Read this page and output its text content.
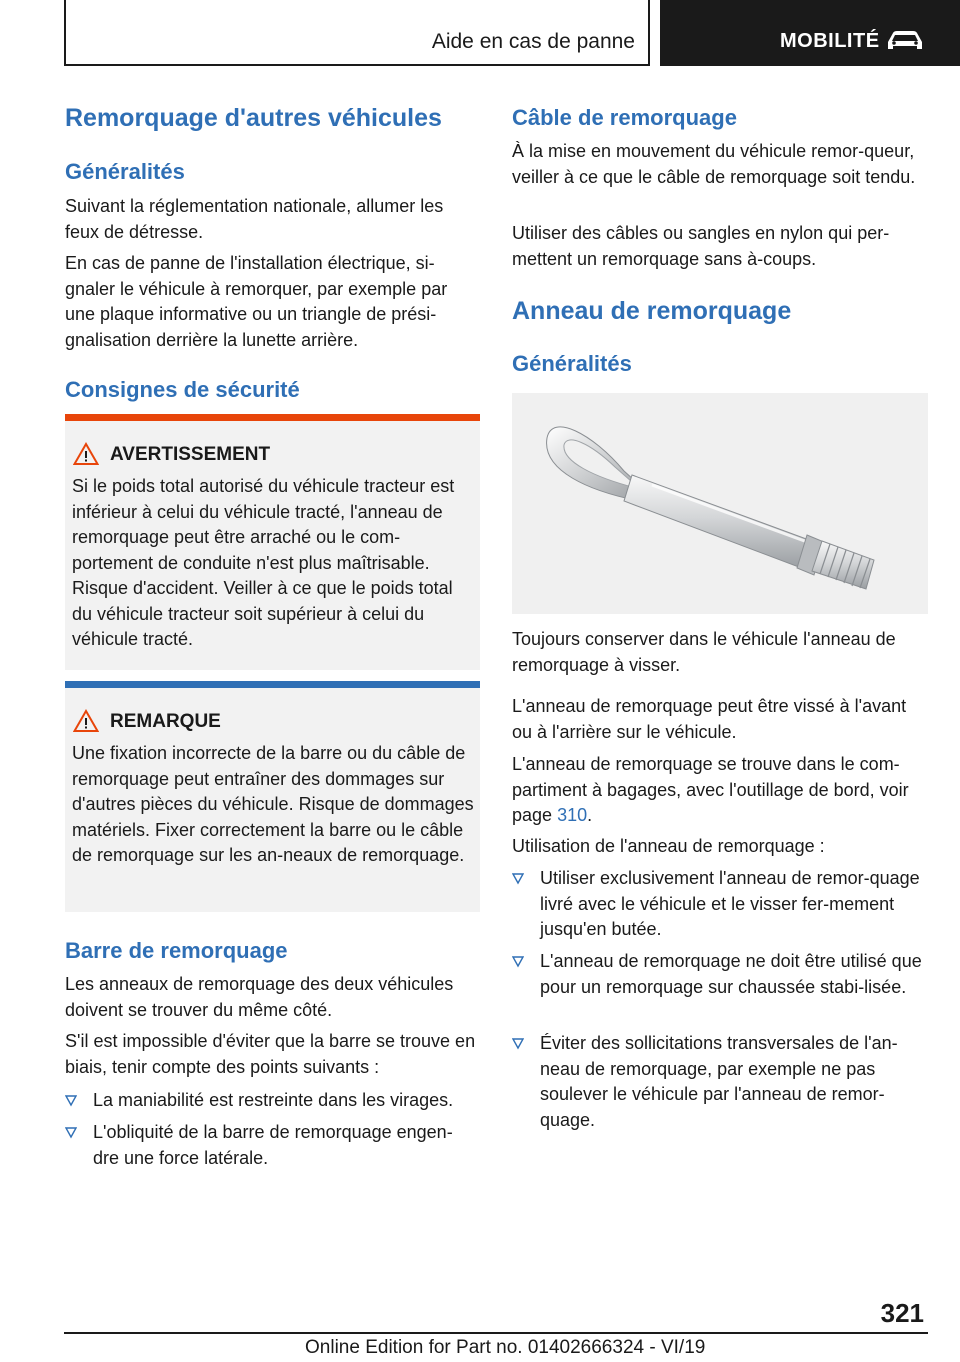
Aide en cas de panne	MOBILITÉ
Remorquage d'autres véhicules
Généralités
Suivant la réglementation nationale, allumer les feux de détresse.
En cas de panne de l'installation électrique, si-gnaler le véhicule à remorquer, par exemple par une plaque informative ou un triangle de prési-gnalisation derrière la lunette arrière.
Consignes de sécurité
AVERTISSEMENT
Si le poids total autorisé du véhicule tracteur est inférieur à celui du véhicule tracté, l'anneau de remorquage peut être arraché ou le com-portement de conduite n'est plus maîtrisable. Risque d'accident. Veiller à ce que le poids total du véhicule tracteur soit supérieur à celui du véhicule tracté.
REMARQUE
Une fixation incorrecte de la barre ou du câble de remorquage peut entraîner des dommages sur d'autres pièces du véhicule. Risque de dommages matériels. Fixer correctement la barre ou le câble de remorquage sur les an-neaux de remorquage.
Barre de remorquage
Les anneaux de remorquage des deux véhicules doivent se trouver du même côté.
S'il est impossible d'éviter que la barre se trouve en biais, tenir compte des points suivants :
La maniabilité est restreinte dans les virages.
L'obliquité de la barre de remorquage engen-dre une force latérale.
Câble de remorquage
À la mise en mouvement du véhicule remor-queur, veiller à ce que le câble de remorquage soit tendu.
Utiliser des câbles ou sangles en nylon qui per-mettent un remorquage sans à-coups.
Anneau de remorquage
Généralités
Toujours conserver dans le véhicule l'anneau de remorquage à visser.
L'anneau de remorquage peut être vissé à l'avant ou à l'arrière sur le véhicule.
L'anneau de remorquage se trouve dans le com-partiment à bagages, avec l'outillage de bord, voir page 310.
Utilisation de l'anneau de remorquage :
Utiliser exclusivement l'anneau de remor-quage livré avec le véhicule et le visser fer-mement jusqu'en butée.
L'anneau de remorquage ne doit être utilisé que pour un remorquage sur chaussée stabi-lisée.
Éviter des sollicitations transversales de l'an-neau de remorquage, par exemple ne pas soulever le véhicule par l'anneau de remor-quage.
321
Online Edition for Part no. 01402666324 - VI/19
